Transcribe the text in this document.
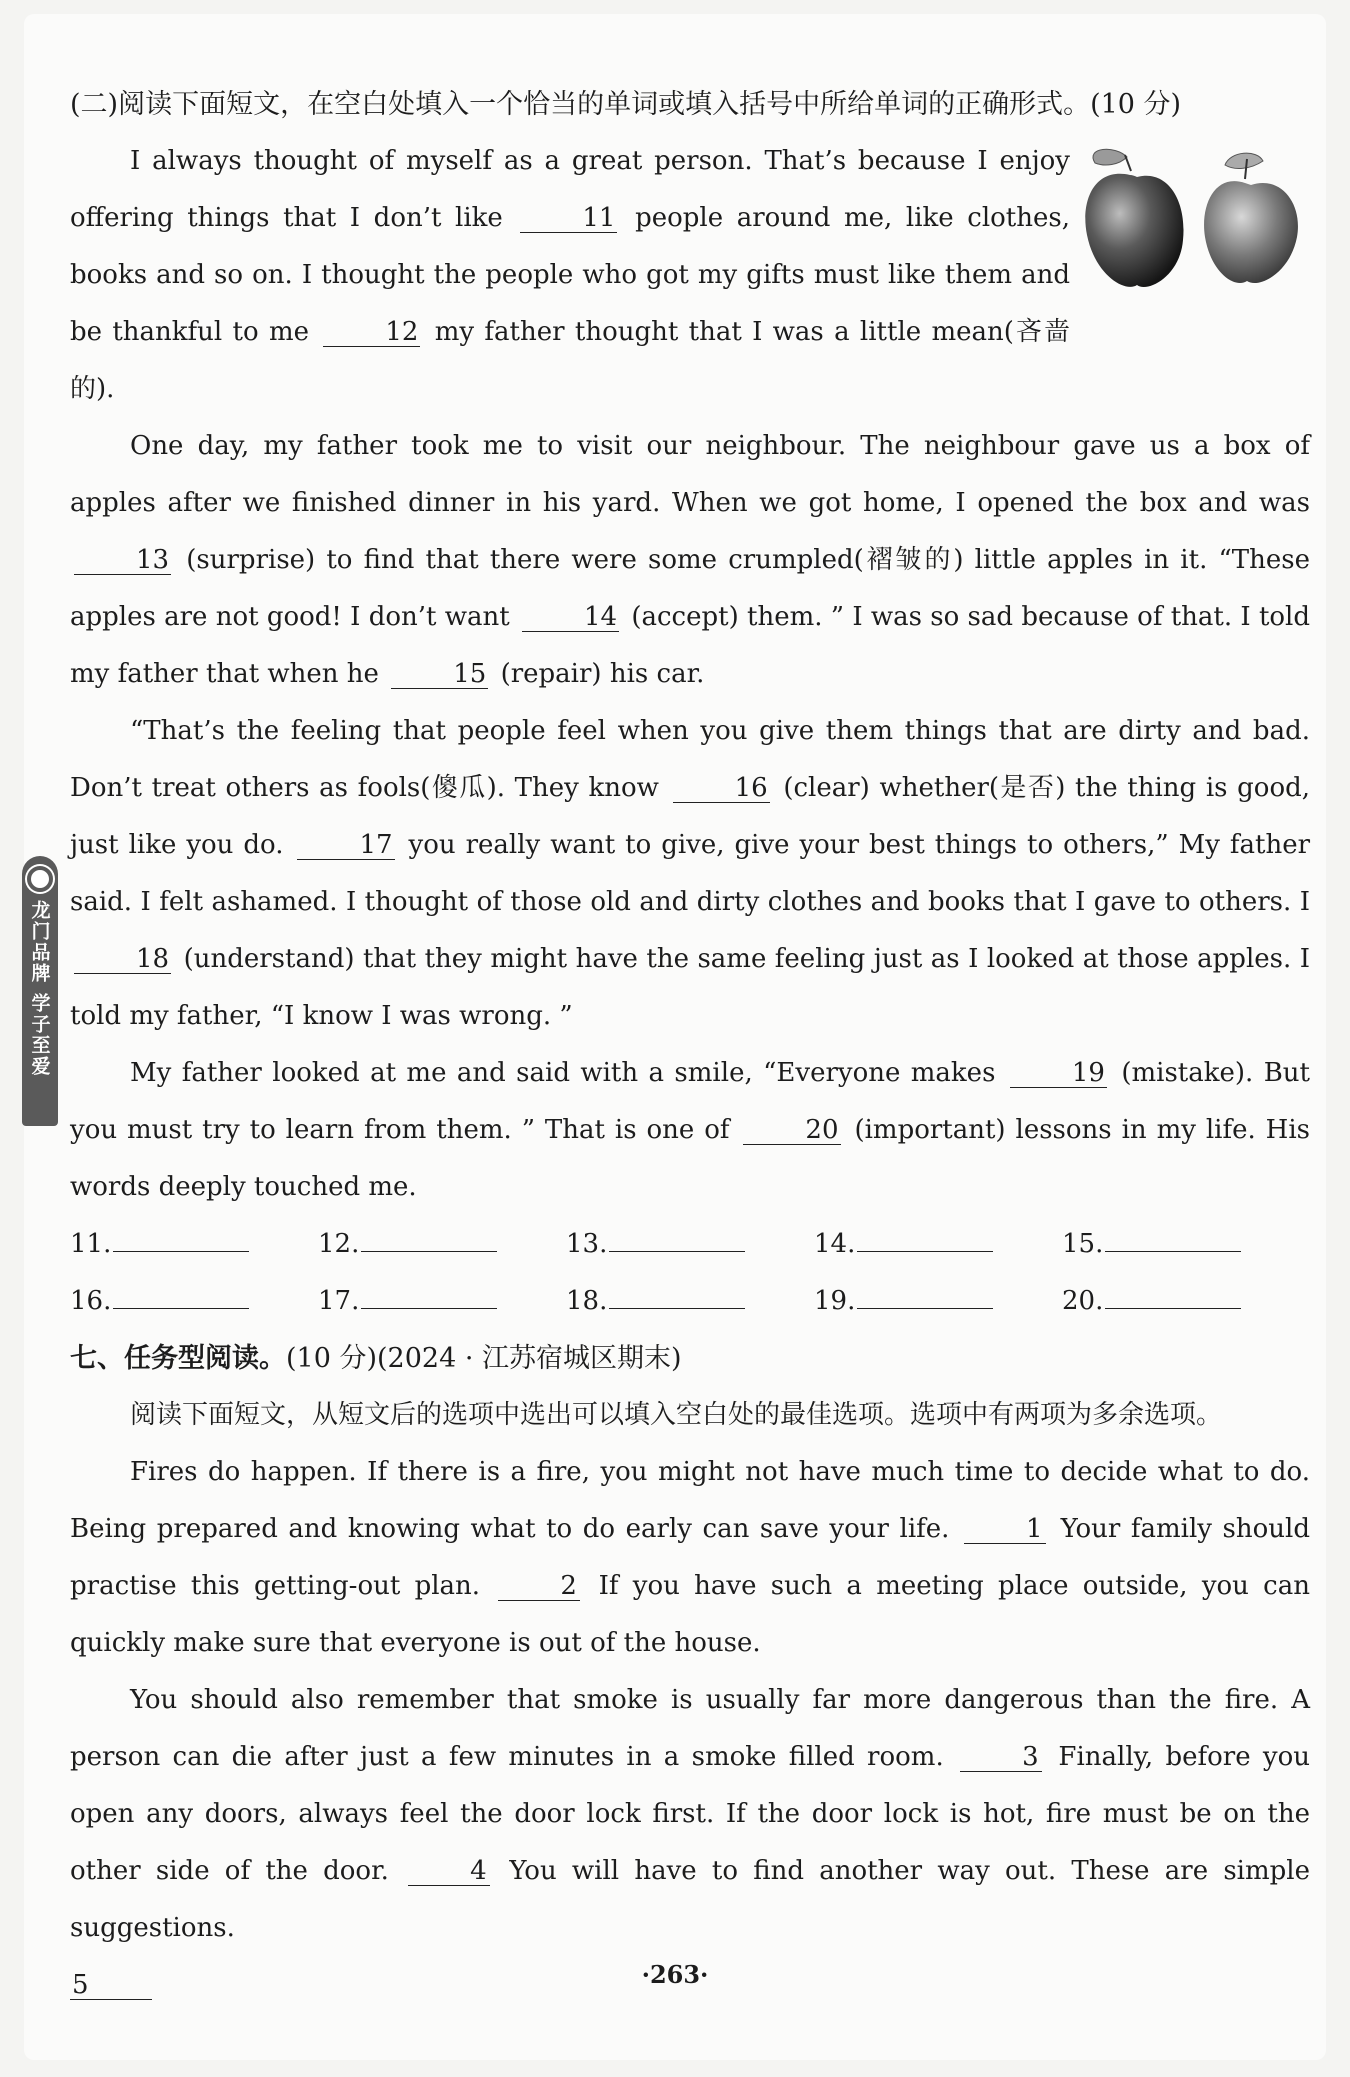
龙门品牌 学子至爱

(二)阅读下面短文，在空白处填入一个恰当的单词或填入括号中所给单词的正确形式。(10 分)

I always thought of myself as a great person. That’s because I enjoy offering things that I don’t like	11 people around me, like clothes, books and so on. I thought the people who got my gifts must like them and be thankful to me	12 my father thought that I was a little mean(吝啬的).

One day, my father took me to visit our neighbour. The neighbour gave us a box of apples after we finished dinner in his yard. When we got home, I opened the box and was 13 (surprise) to find that there were some crumpled(褶皱的) little apples in it. “These apples are not good! I don’t want	14 (accept) them. ” I was so sad because of that. I told my father that when he	15 (repair) his car.

“That’s the feeling that people feel when you give them things that are dirty and bad. Don’t treat others as fools(傻瓜). They know	16 (clear) whether(是否) the thing is good, just like you do.	17 you really want to give, give your best things to others,” My father said. I felt ashamed. I thought of those old and dirty clothes and books that I gave to others. I 18 (understand) that they might have the same feeling just as I looked at those apples. I told my father, “I know I was wrong. ”

My father looked at me and said with a smile, “Everyone makes	19 (mistake). But you must try to learn from them. ” That is one of	20 (important) lessons in my life. His words deeply touched me.

11.	12.	13.	14.	15.
16.	17.	18.	19.	20.

七、任务型阅读。(10 分)(2024 · 江苏宿城区期末)

阅读下面短文，从短文后的选项中选出可以填入空白处的最佳选项。选项中有两项为多余选项。

Fires do happen. If there is a fire, you might not have much time to decide what to do. Being prepared and knowing what to do early can save your life.	1 Your family should practise this getting-out plan.	2 If you have such a meeting place outside, you can quickly make sure that everyone is out of the house.

You should also remember that smoke is usually far more dangerous than the fire. A person can die after just a few minutes in a smoke filled room.	3 Finally, before you open any doors, always feel the door lock first. If the door lock is hot, fire must be on the other side of the door.	4 You will have to find another way out. These are simple suggestions.

5	·263·
